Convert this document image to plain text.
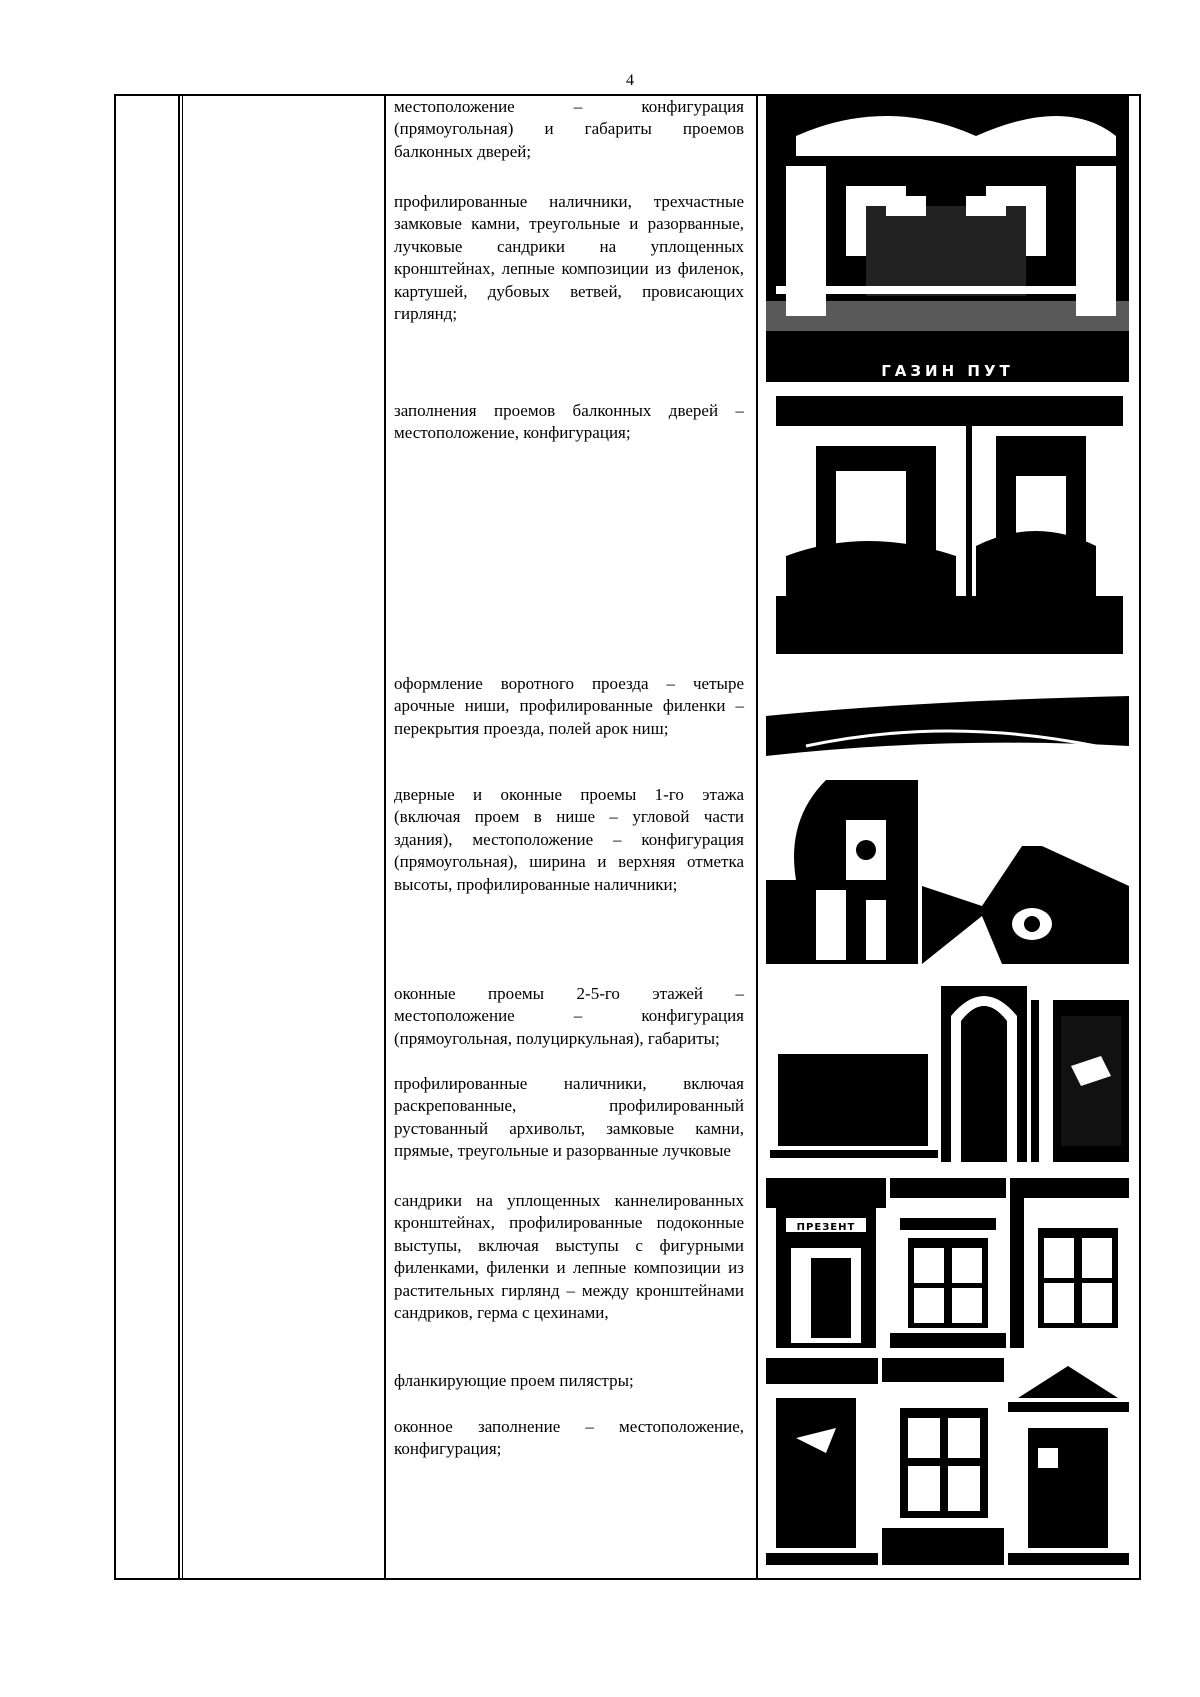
4

местоположение – конфигурация (прямоугольная) и габариты проемов балконных дверей;

профилированные наличники, трехчастные замковые камни, треугольные и разорванные, лучковые сандрики на уплощенных кронштейнах, лепные композиции из филенок, картушей, дубовых ветвей, провисающих гирлянд;

заполнения проемов балконных дверей – местоположение, конфигурация;

оформление воротного проезда – четыре арочные ниши, профилированные филенки – перекрытия проезда, полей арок ниш;

дверные и оконные проемы 1-го этажа (включая проем в нише – угловой части здания), местоположение – конфигурация (прямоугольная), ширина и верхняя отметка высоты, профилированные наличники;

оконные проемы 2-5-го этажей – местоположение – конфигурация (прямоугольная, полуциркульная), габариты;

профилированные наличники, включая раскрепованные, профилированный рустованный архивольт, замковые камни, прямые, треугольные и разорванные лучковые

сандрики на уплощенных каннелированных кронштейнах, профилированные подоконные выступы, включая выступы с фигурными филенками, филенки и лепные композиции из растительных гирлянд – между кронштейнами сандриков, герма с цехинами,

фланкирующие проем пилястры;

оконное заполнение – местоположение, конфигурация;

ГАЗИН ПУТ
ПРЕЗЕНТ
